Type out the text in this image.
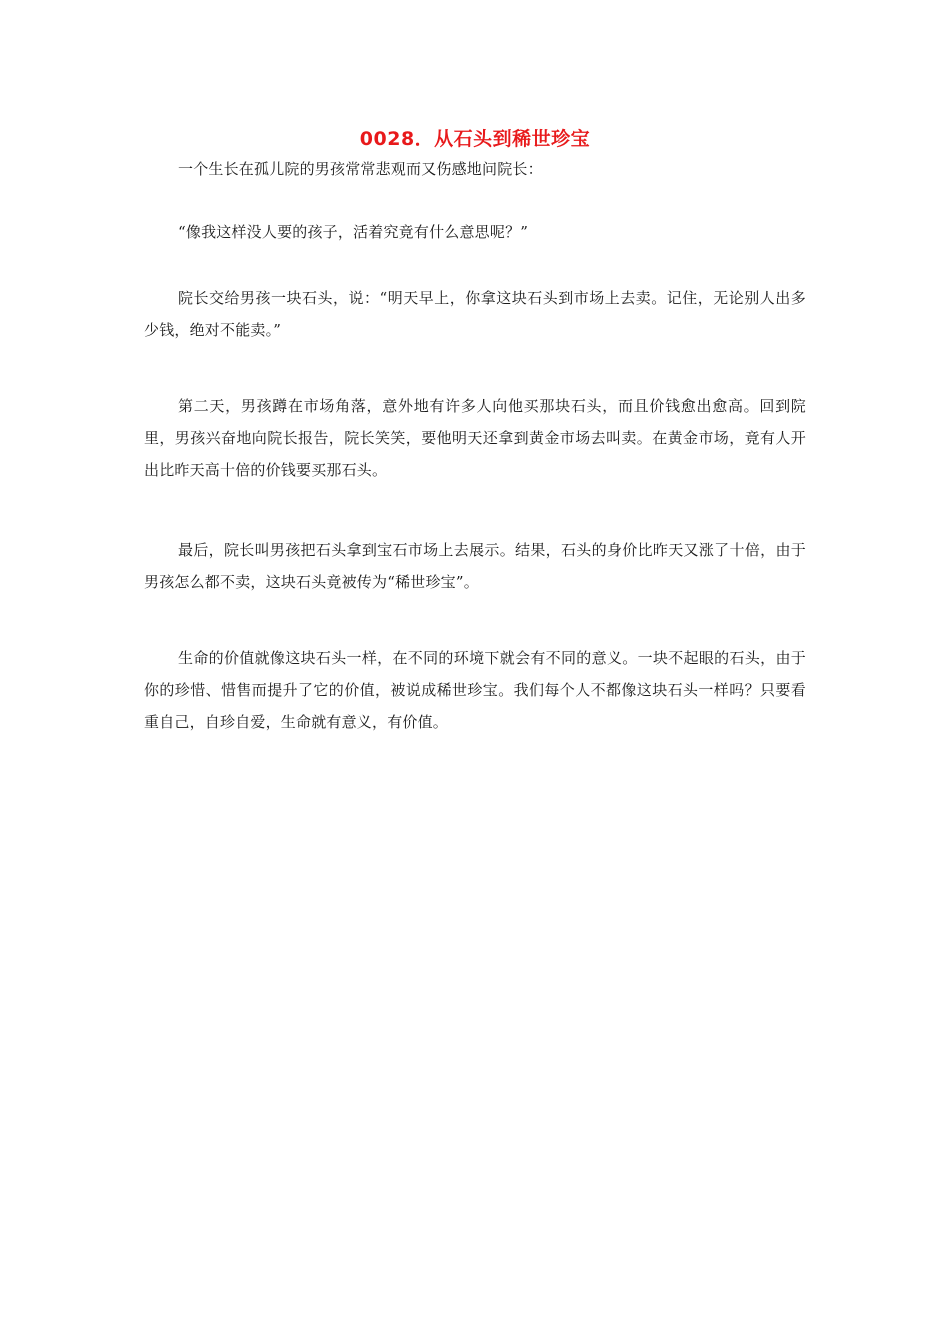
0028．从石头到稀世珍宝

一个生长在孤儿院的男孩常常悲观而又伤感地问院长：

“像我这样没人要的孩子，活着究竟有什么意思呢？”

院长交给男孩一块石头，说：“明天早上，你拿这块石头到市场上去卖。记住，无论别人出多少钱，绝对不能卖。”

第二天，男孩蹲在市场角落，意外地有许多人向他买那块石头，而且价钱愈出愈高。回到院里，男孩兴奋地向院长报告，院长笑笑，要他明天还拿到黄金市场去叫卖。在黄金市场，竟有人开出比昨天高十倍的价钱要买那石头。

最后，院长叫男孩把石头拿到宝石市场上去展示。结果，石头的身价比昨天又涨了十倍，由于男孩怎么都不卖，这块石头竟被传为“稀世珍宝”。

生命的价值就像这块石头一样，在不同的环境下就会有不同的意义。一块不起眼的石头，由于你的珍惜、惜售而提升了它的价值，被说成稀世珍宝。我们每个人不都像这块石头一样吗？只要看重自己，自珍自爱，生命就有意义，有价值。
